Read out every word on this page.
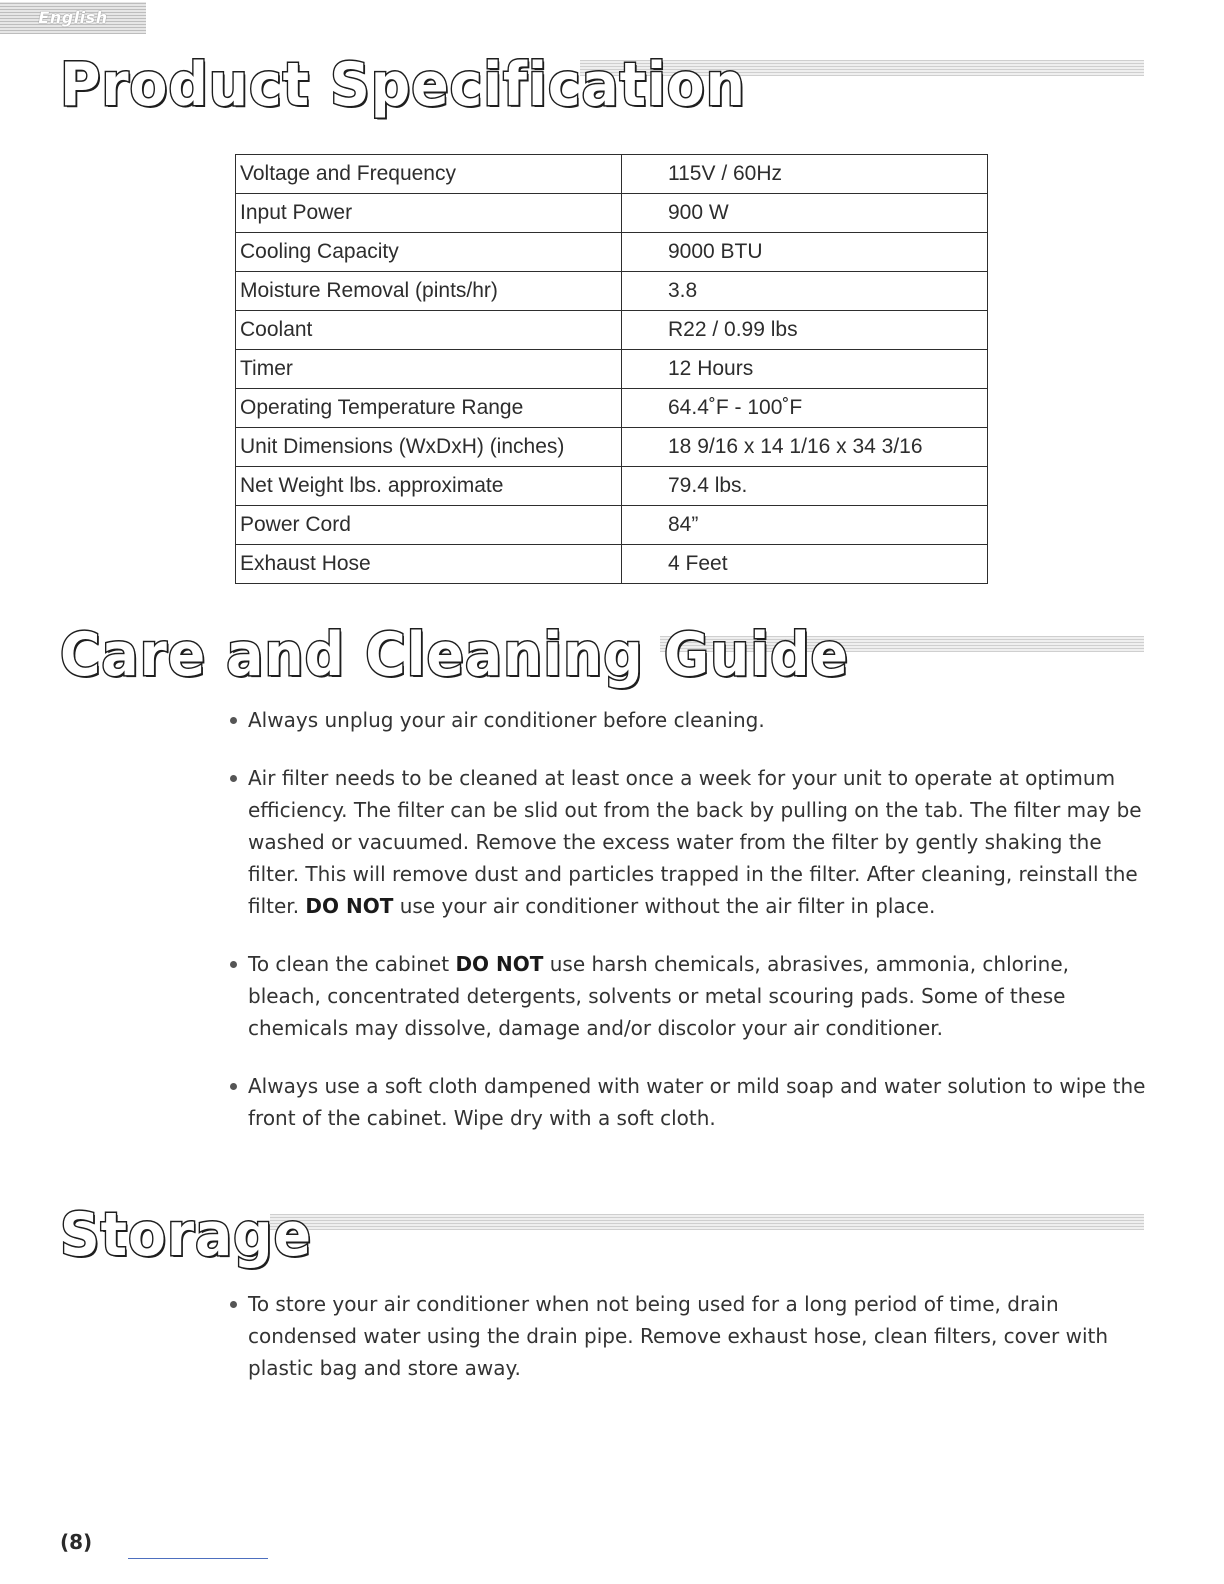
English
Product Specification
Voltage and Frequency	115V / 60Hz
Input Power	900 W
Cooling Capacity	9000 BTU
Moisture Removal (pints/hr)	3.8
Coolant	R22 / 0.99 lbs
Timer	12 Hours
Operating Temperature Range	64.4˚F - 100˚F
Unit Dimensions (WxDxH) (inches)	18 9/16 x 14 1/16 x 34 3/16
Net Weight lbs. approximate	79.4 lbs.
Power Cord	84”
Exhaust Hose	4 Feet
Care and Cleaning Guide

Always unplug your air conditioner before cleaning.

Air filter needs to be cleaned at least once a week for your unit to operate at optimum efficiency. The filter can be slid out from the back by pulling on the tab. The filter may be washed or vacuumed. Remove the excess water from the filter by gently shaking the filter. This will remove dust and particles trapped in the filter. After cleaning, reinstall the filter. DO NOT use your air conditioner without the air filter in place.

To clean the cabinet DO NOT use harsh chemicals, abrasives, ammonia, chlorine, bleach, concentrated detergents, solvents or metal scouring pads. Some of these chemicals may dissolve, damage and/or discolor your air conditioner.

Always use a soft cloth dampened with water or mild soap and water solution to wipe the front of the cabinet. Wipe dry with a soft cloth.

Storage

To store your air conditioner when not being used for a long period of time, drain condensed water using the drain pipe. Remove exhaust hose, clean filters, cover with plastic bag and store away.

(8)
